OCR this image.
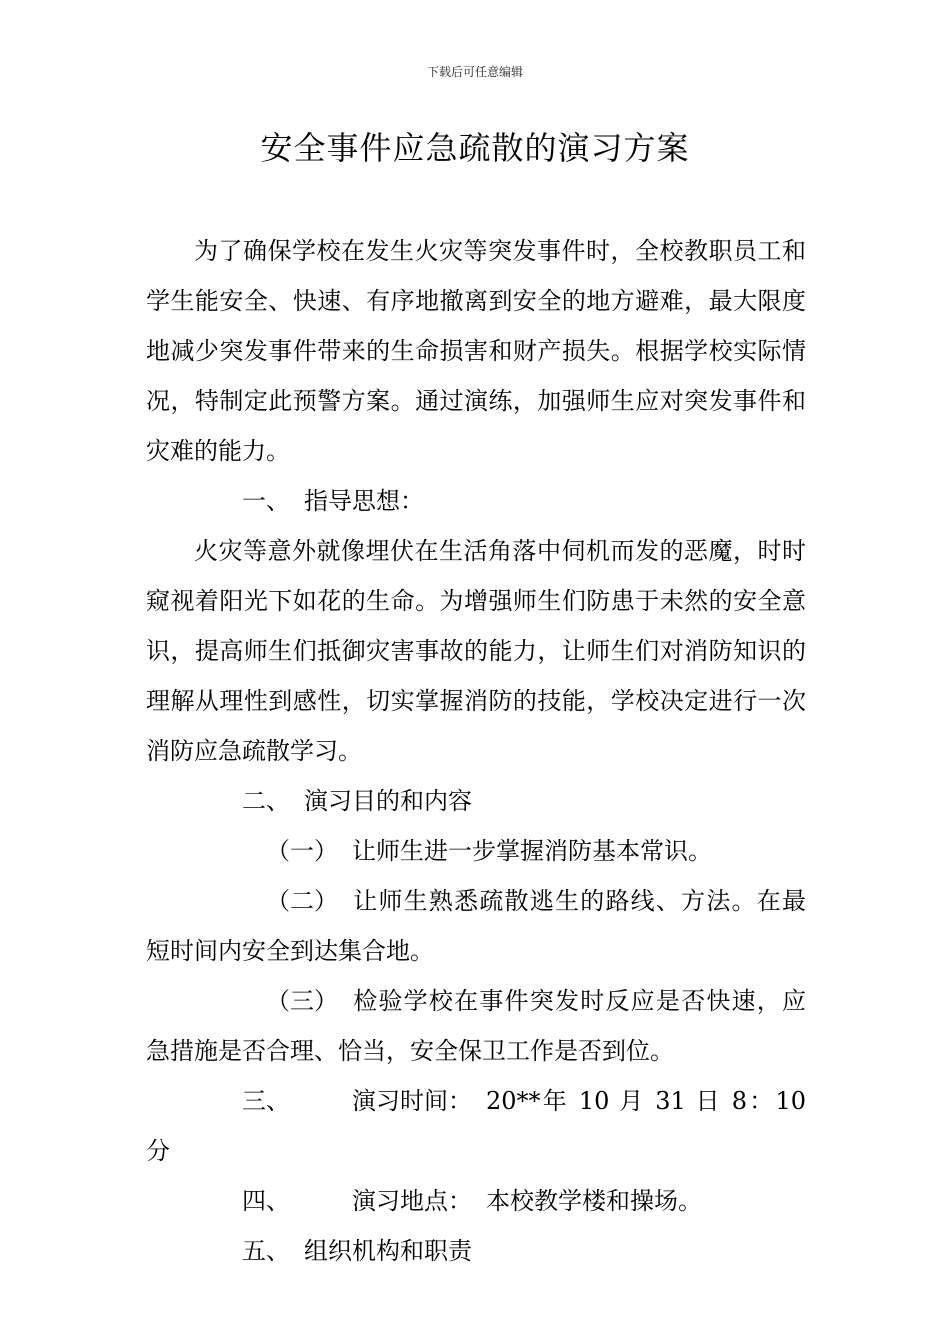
下载后可任意编辑
安全事件应急疏散的演习方案

为了确保学校在发生火灾等突发事件时，全校教职员工和学生能安全、快速、有序地撤离到安全的地方避难，最大限度地减少突发事件带来的生命损害和财产损失。根据学校实际情况，特制定此预警方案。通过演练，加强师生应对突发事件和灾难的能力。

一、 指导思想：

火灾等意外就像埋伏在生活角落中伺机而发的恶魔，时时窥视着阳光下如花的生命。为增强师生们防患于未然的安全意识，提高师生们抵御灾害事故的能力，让师生们对消防知识的理解从理性到感性，切实掌握消防的技能，学校决定进行一次消防应急疏散学习。

二、 演习目的和内容

（一） 让师生进一步掌握消防基本常识。

（二） 让师生熟悉疏散逃生的路线、方法。在最短时间内安全到达集合地。

（三） 检验学校在事件突发时反应是否快速，应急措施是否合理、恰当，安全保卫工作是否到位。

三、	演习时间： 20**年 10 月 31 日 8：10 分

四、	演习地点： 本校教学楼和操场。

五、 组织机构和职责
